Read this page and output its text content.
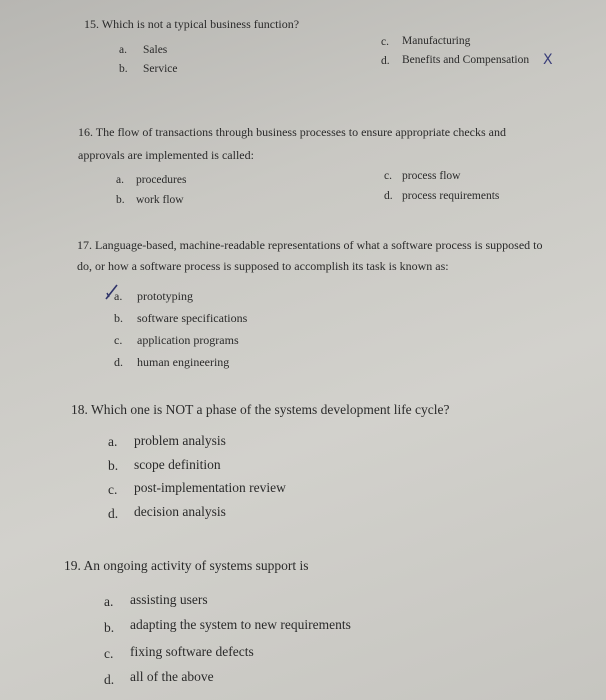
15. Which is not a typical business function?
a. Sales
b. Service
c. Manufacturing
d. Benefits and Compensation X
16. The flow of transactions through business processes to ensure appropriate checks and
approvals are implemented is called:
a. procedures
b. work flow
c. process flow
d. process requirements
17. Language-based, machine-readable representations of what a software process is supposed to
do, or how a software process is supposed to accomplish its task is known as:
a. prototyping
b. software specifications
c. application programs
d. human engineering
18. Which one is NOT a phase of the systems development life cycle?
a. problem analysis
b. scope definition
c. post-implementation review
d. decision analysis
19. An ongoing activity of systems support is
a. assisting users
b. adapting the system to new requirements
c. fixing software defects
d. all of the above
